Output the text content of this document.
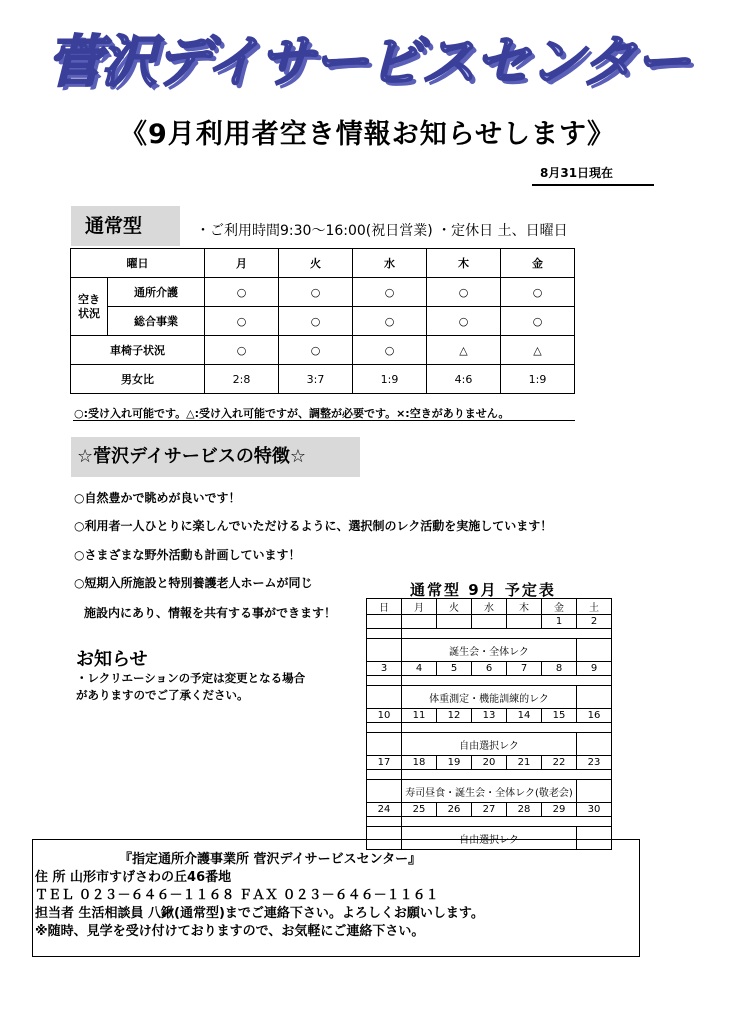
菅沢デイサービスセンター
《9月利用者空き情報お知らせします》
8月31日現在
通常型	・ご利用時間9:30～16:00(祝日営業) ・定休日 土、日曜日
曜日		月	火	水	木	金
空き
状況	通所介護	○	○	○	○	○
	総合事業	○	○	○	○	○
車椅子状況		○	○	○	△	△
男女比		2:8	3:7	1:9	4:6	1:9
○:受け入れ可能です。△:受け入れ可能ですが、調整が必要です。×:空きがありません。
☆菅沢デイサービスの特徴☆
○自然豊かで眺めが良いです！
○利用者一人ひとりに楽しんでいただけるように、選択制のレク活動を実施しています！
○さまざまな野外活動も計画しています！
○短期入所施設と特別養護老人ホームが同じ
施設内にあり、情報を共有する事ができます！
お知らせ
・レクリエーションの予定は変更となる場合がありますのでご了承ください。
通常型 9月 予定表
日	月	火	水	木	金	土
					1	2

	誕生会・全体レク					
3	4	5	6	7	8	9

	体重測定・機能訓練的レク					
10	11	12	13	14	15	16

	自由選択レク					
17	18	19	20	21	22	23

	寿司昼食・誕生会・全体レク(敬老会)					
24	25	26	27	28	29	30

	自由選択レク					
『指定通所介護事業所 菅沢デイサービスセンター』
住 所 山形市すげさわの丘46番地
ＴＥＬ ０２３－６４６－１１６８ ＦＡＸ ０２３－６４６－１１６１
担当者 生活相談員 八鍬(通常型)までご連絡下さい。よろしくお願いします。
※随時、見学を受け付けておりますので、お気軽にご連絡下さい。
